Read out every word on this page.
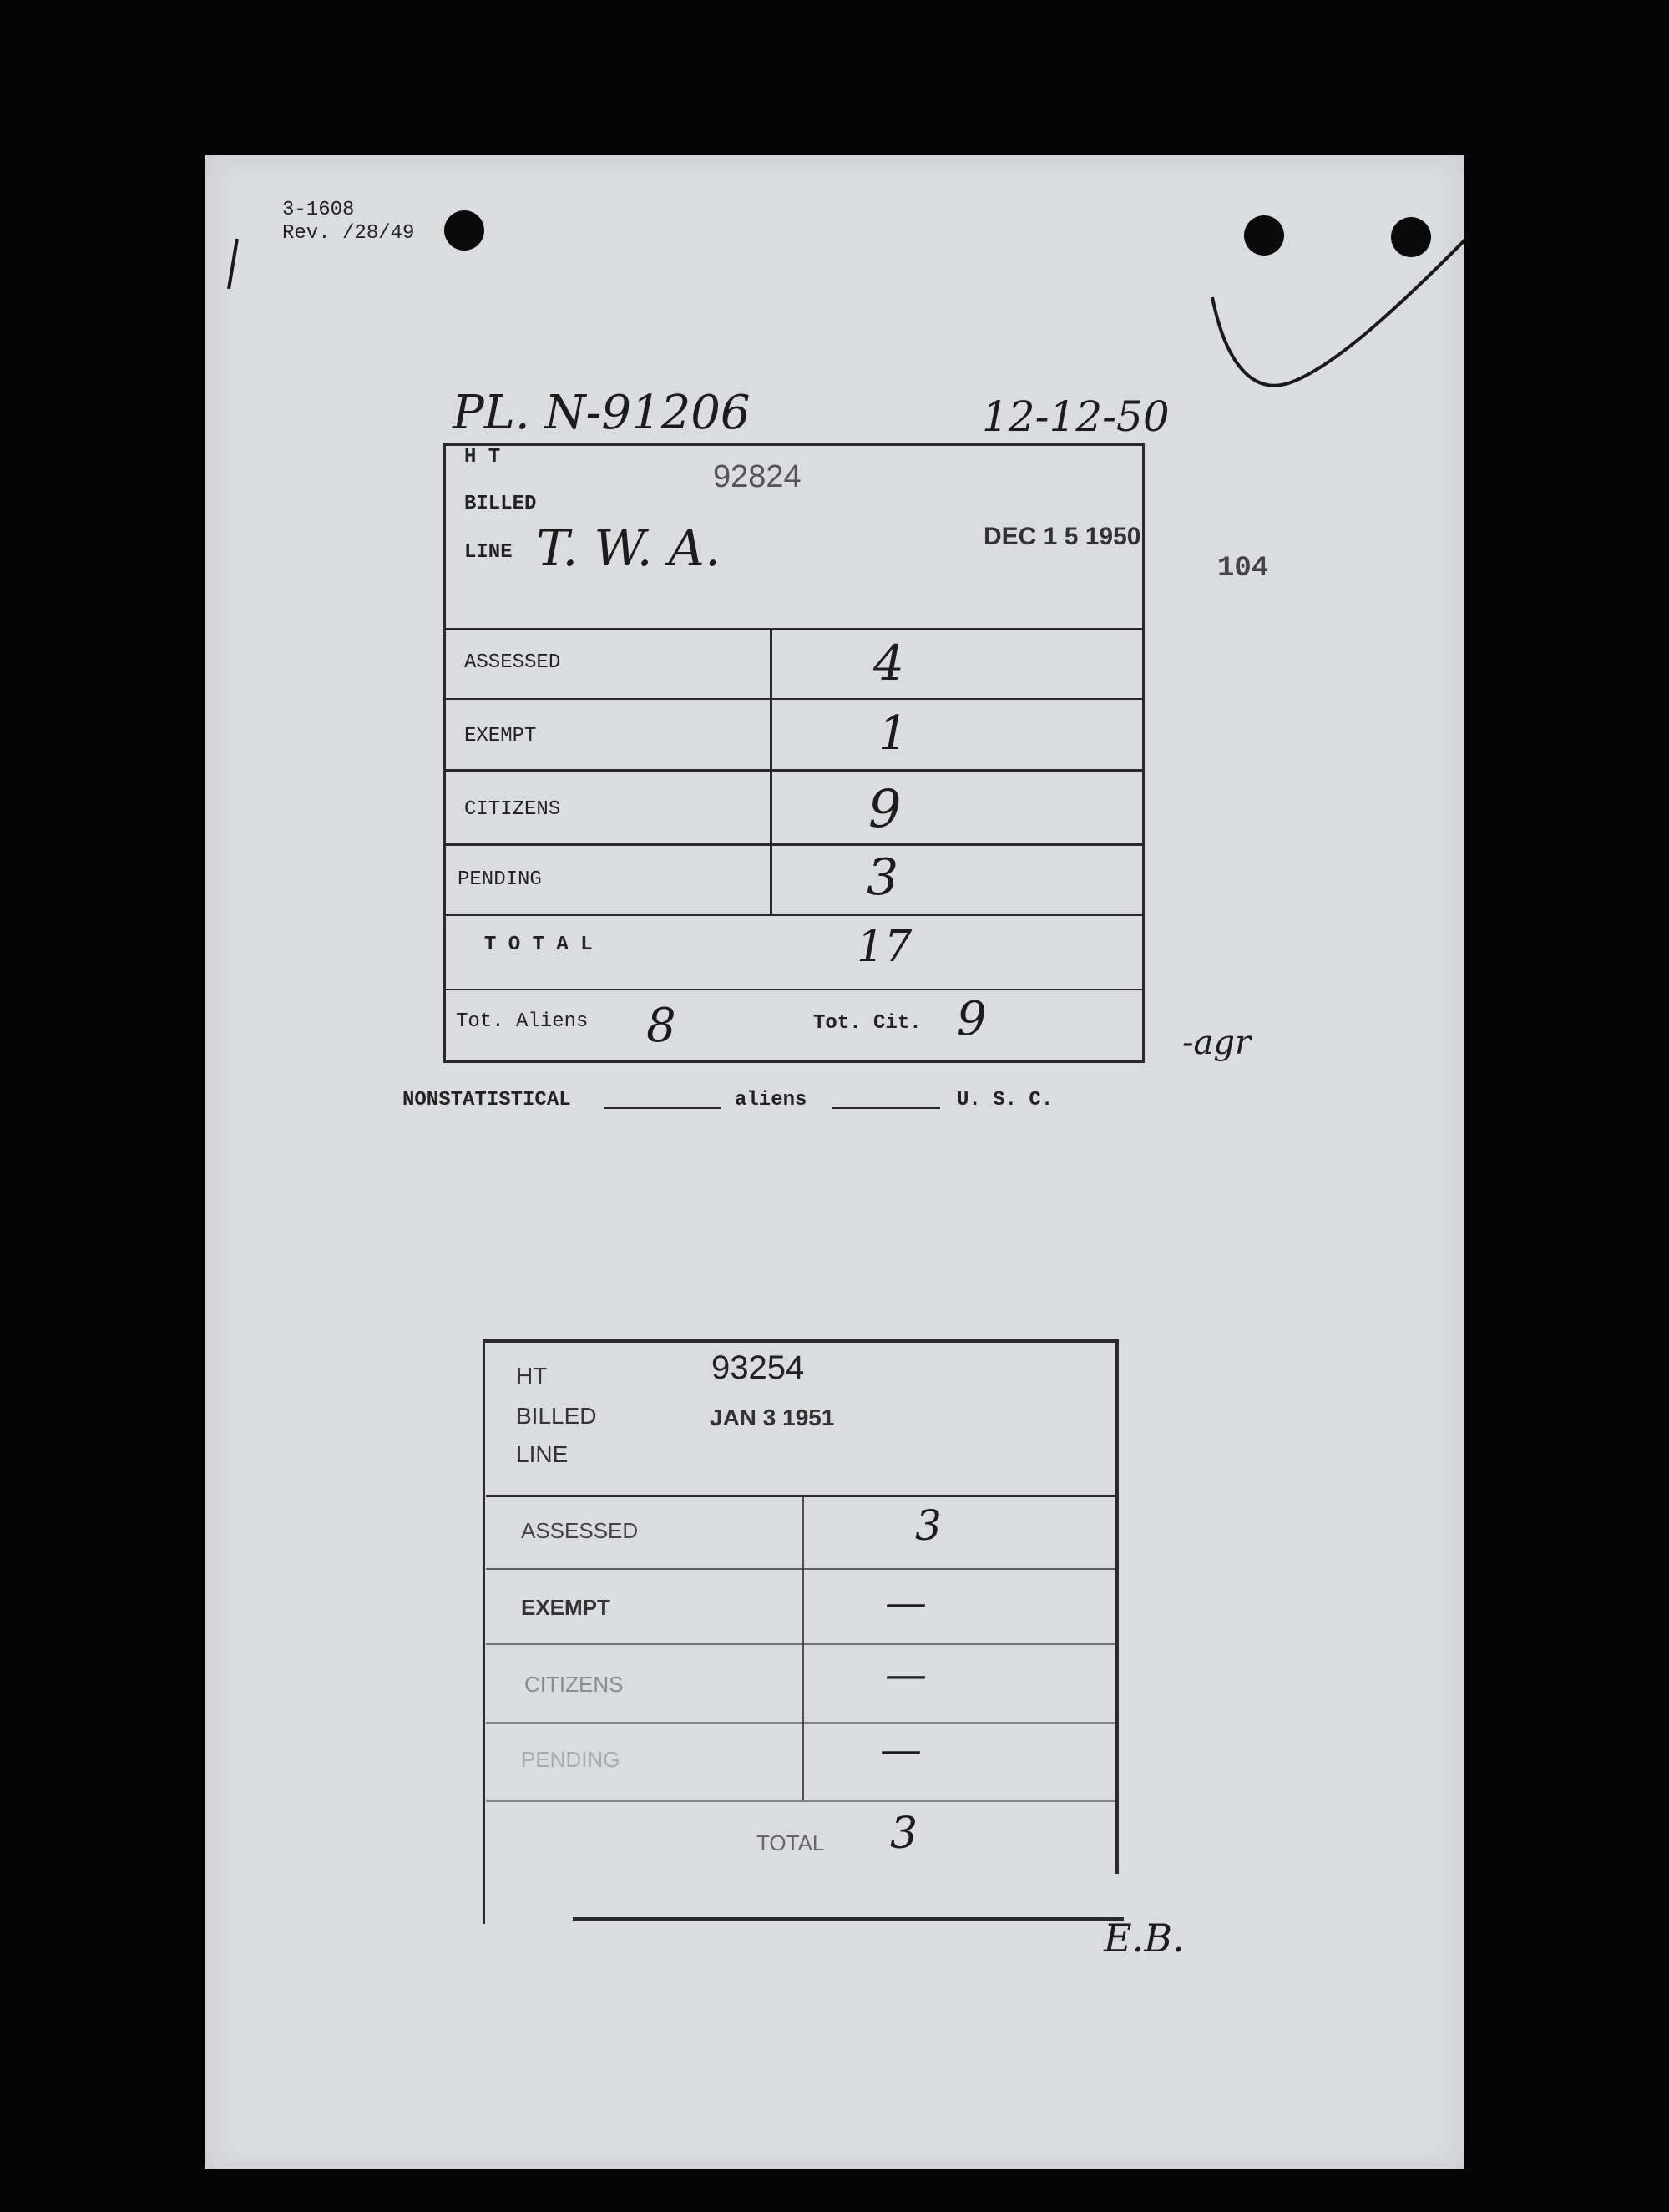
3-1608
Rev. /28/49
PL. N-91206	12-12-50
104
H T
92824
BILLED
LINE T. W. A.	DEC 1 5 1950
ASSESSED	4
EXEMPT	1
CITIZENS	9
PENDING	3
T O T A L	17
Tot. Aliens 8	Tot. Cit. 9	-agr
NONSTATISTICAL	aliens	U. S. C.
HT	93254
BILLED	JAN 3 1951
LINE
ASSESSED	3
EXEMPT	—
CITIZENS	—
PENDING	—
TOTAL 3
E.B.
